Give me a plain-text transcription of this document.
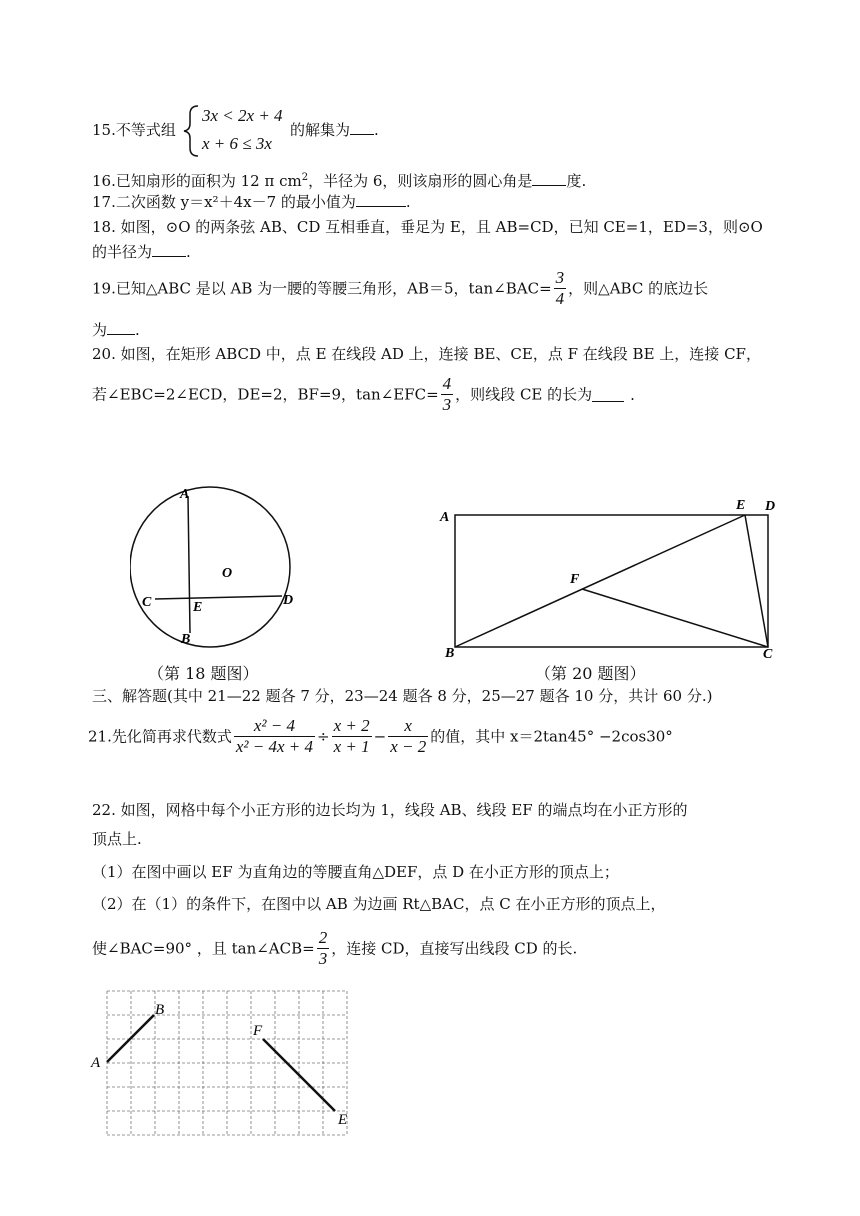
15.不等式组
3x < 2x + 4
x + 6 ≤ 3x
的解集为 .
16.已知扇形的面积为 12 π $cm^2$，半径为 6，则该扇形的圆心角是 度.
17.二次函数 y＝x²＋4x－7 的最小值为	.
18. 如图，⊙O 的两条弦 AB、CD 互相垂直，垂足为 E，且 AB=CD，已知 CE=1，ED=3，则⊙O
的半径为 .
19.已知△ABC 是以 AB 为一腰的等腰三角形，AB＝5，tan∠BAC= $\frac{3}{4}$ ，则△ABC 的底边长
为 .
20. 如图，在矩形 ABCD 中，点 E 在线段 AD 上，连接 BE、CE，点 F 在线段 BE 上，连接 CF，
若∠EBC=2∠ECD，DE=2，BF=9，tan∠EFC= $\frac{4}{3}$ ，则线段 CE 的长为	.
A
B
C	D
E
O
（第 18 题图）
A
B	C
D
E
F
（第 20 题图）
三、解答题(其中 21—22 题各 7 分，23—24 题各 8 分，25—27 题各 10 分，共计 60 分.)
21.先化简再求代数式 $\frac{\text{x² − 4}}{\text{x² − 4x + 4}} \div \frac{x + 2}{x + 1} - \frac{x}{x - 2}$ 的值，其中 x＝2tan45° −2cos30°
22. 如图，网格中每个小正方形的边长均为 1，线段 AB、线段 EF 的端点均在小正方形的
顶点上.
（1）在图中画以 EF 为直角边的等腰直角△DEF，点 D 在小正方形的顶点上；
（2）在（1）的条件下，在图中以 AB 为边画 Rt△BAC，点 C 在小正方形的顶点上，
使∠BAC=90° ，且 tan∠ACB= $\frac{2}{3}$ ，连接 CD，直接写出线段 CD 的长.
A
B
F
E
